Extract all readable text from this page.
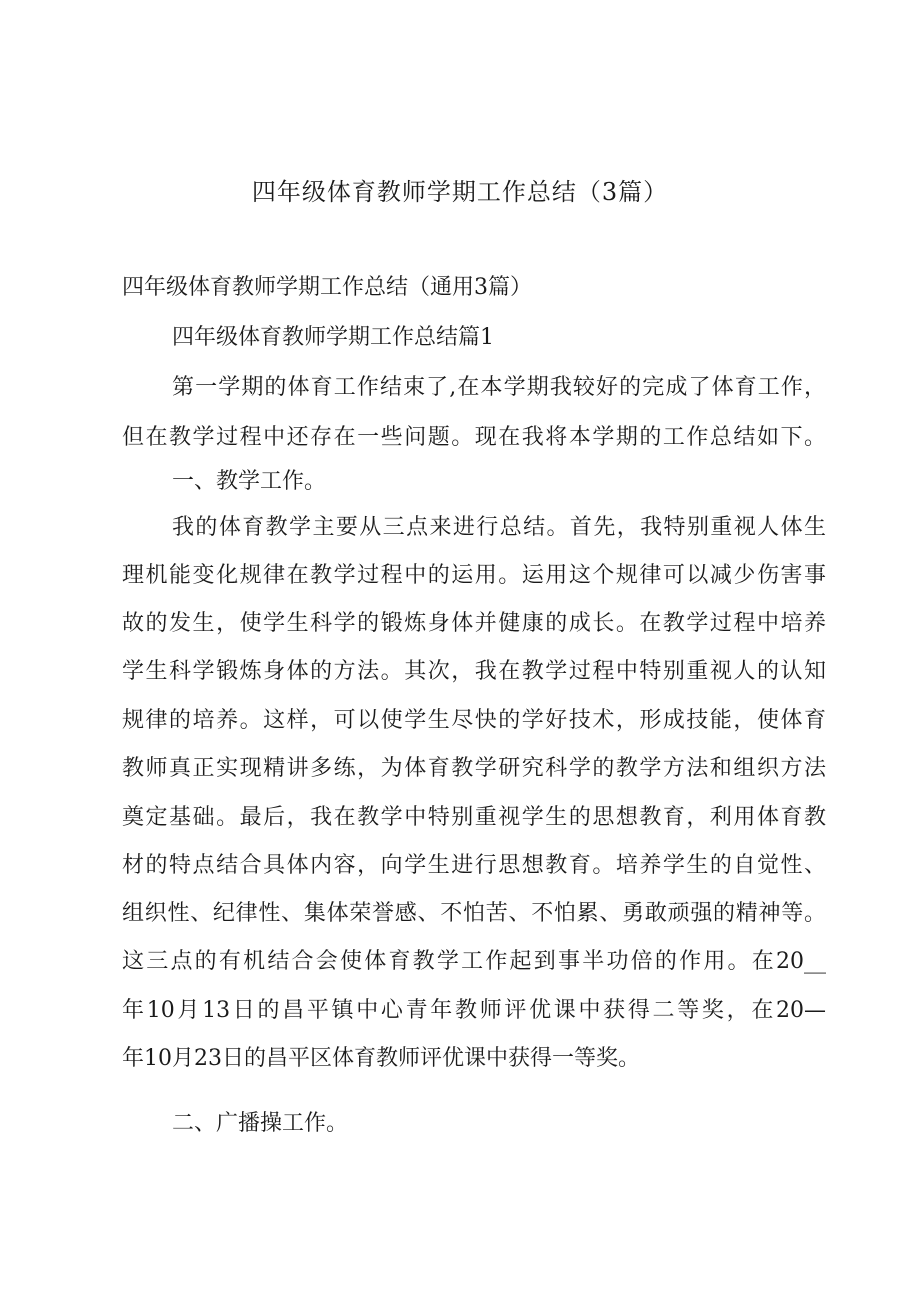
四年级体育教师学期工作总结（3篇）
四年级体育教师学期工作总结（通用3篇）
四年级体育教师学期工作总结篇1
第一学期的体育工作结束了,在本学期我较好的完成了体育工作，
但在教学过程中还存在一些问题。现在我将本学期的工作总结如下。
一、教学工作。
我的体育教学主要从三点来进行总结。首先，我特别重视人体生
理机能变化规律在教学过程中的运用。运用这个规律可以减少伤害事
故的发生，使学生科学的锻炼身体并健康的成长。在教学过程中培养
学生科学锻炼身体的方法。其次，我在教学过程中特别重视人的认知
规律的培养。这样，可以使学生尽快的学好技术，形成技能，使体育
教师真正实现精讲多练，为体育教学研究科学的教学方法和组织方法
奠定基础。最后，我在教学中特别重视学生的思想教育，利用体育教
材的特点结合具体内容，向学生进行思想教育。培养学生的自觉性、
组织性、纪律性、集体荣誉感、不怕苦、不怕累、勇敢顽强的精神等。
这三点的有机结合会使体育教学工作起到事半功倍的作用。在20__
年10月13日的昌平镇中心青年教师评优课中获得二等奖，在20—
年10月23日的昌平区体育教师评优课中获得一等奖。
二、广播操工作。
